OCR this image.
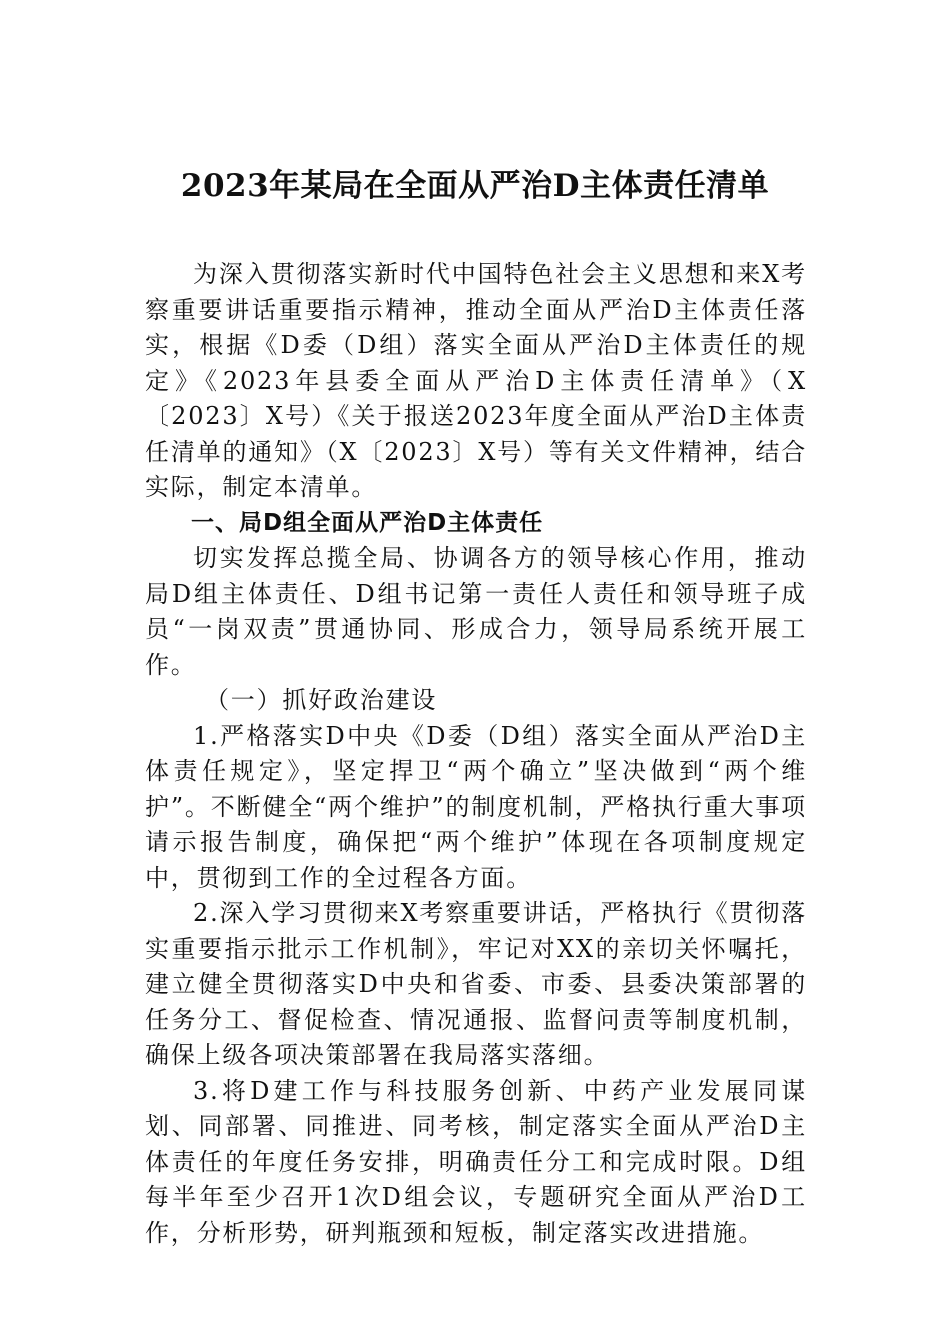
2023年某局在全面从严治D主体责任清单

为深入贯彻落实新时代中国特色社会主义思想和来X考察重要讲话重要指示精神，推动全面从严治D主体责任落实，根据《D委（D组）落实全面从严治D主体责任的规定》《2023年县委全面从严治D主体责任清单》（X〔2023〕X号）《关于报送2023年度全面从严治D主体责任清单的通知》（X〔2023〕X号）等有关文件精神，结合实际，制定本清单。

一、局D组全面从严治D主体责任

切实发挥总揽全局、协调各方的领导核心作用，推动局D组主体责任、D组书记第一责任人责任和领导班子成员“一岗双责”贯通协同、形成合力，领导局系统开展工作。

（一）抓好政治建设

1.严格落实D中央《D委（D组）落实全面从严治D主体责任规定》，坚定捍卫“两个确立”坚决做到“两个维护”。不断健全“两个维护”的制度机制，严格执行重大事项请示报告制度，确保把“两个维护”体现在各项制度规定中，贯彻到工作的全过程各方面。

2.深入学习贯彻来X考察重要讲话，严格执行《贯彻落实重要指示批示工作机制》，牢记对XX的亲切关怀嘱托，建立健全贯彻落实D中央和省委、市委、县委决策部署的任务分工、督促检查、情况通报、监督问责等制度机制，确保上级各项决策部署在我局落实落细。

3.将D建工作与科技服务创新、中药产业发展同谋划、同部署、同推进、同考核，制定落实全面从严治D主体责任的年度任务安排，明确责任分工和完成时限。D组每半年至少召开1次D组会议，专题研究全面从严治D工作，分析形势，研判瓶颈和短板，制定落实改进措施。
